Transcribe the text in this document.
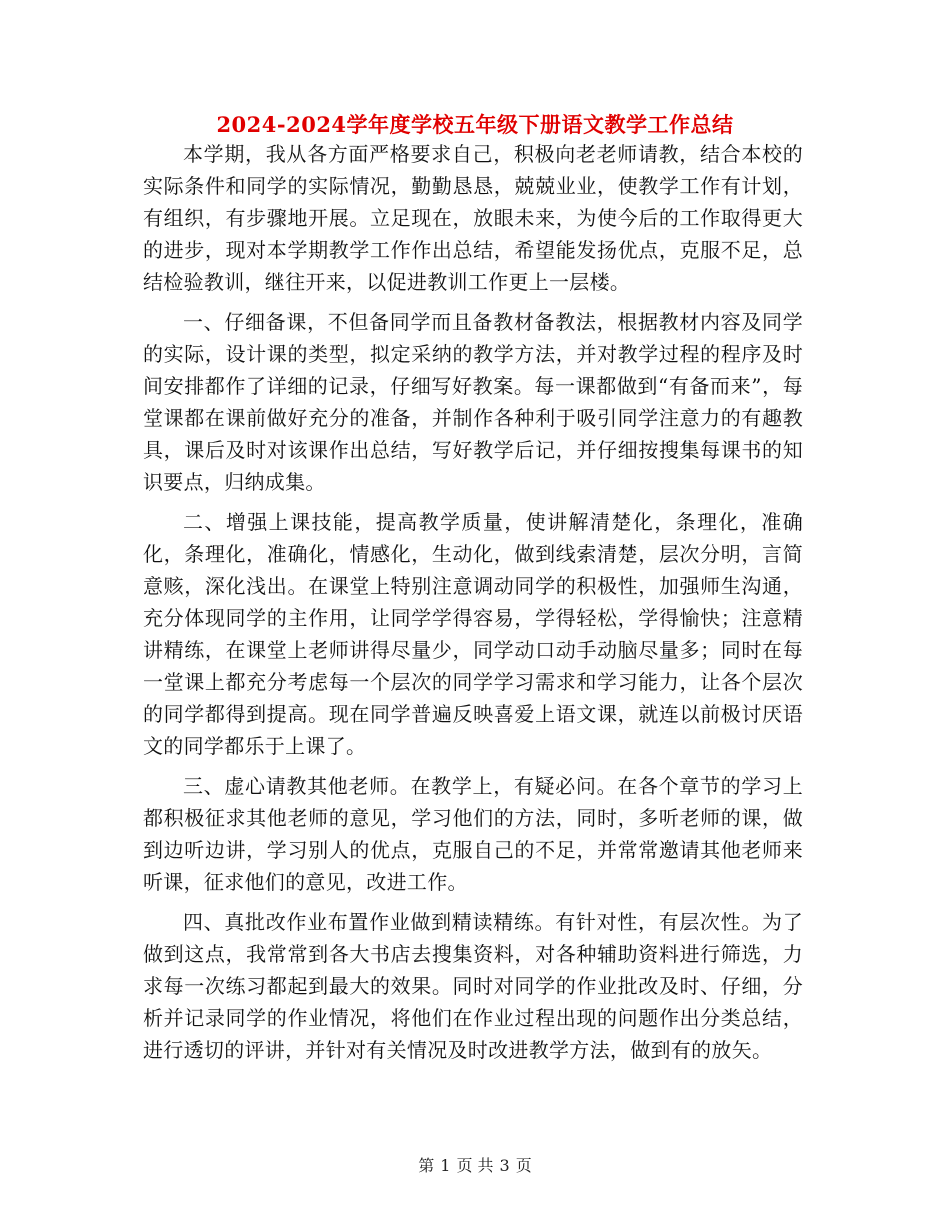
2024-2024学年度学校五年级下册语文教学工作总结

本学期，我从各方面严格要求自己，积极向老老师请教，结合本校的实际条件和同学的实际情况，勤勤恳恳，兢兢业业，使教学工作有计划，有组织，有步骤地开展。立足现在，放眼未来，为使今后的工作取得更大的进步，现对本学期教学工作作出总结，希望能发扬优点，克服不足，总结检验教训，继往开来，以促进教训工作更上一层楼。

一、仔细备课，不但备同学而且备教材备教法，根据教材内容及同学的实际，设计课的类型，拟定采纳的教学方法，并对教学过程的程序及时间安排都作了详细的记录，仔细写好教案。每一课都做到“有备而来”，每堂课都在课前做好充分的准备，并制作各种利于吸引同学注意力的有趣教具，课后及时对该课作出总结，写好教学后记，并仔细按搜集每课书的知识要点，归纳成集。

二、增强上课技能，提高教学质量，使讲解清楚化，条理化，准确化，条理化，准确化，情感化，生动化，做到线索清楚，层次分明，言简意赅，深化浅出。在课堂上特别注意调动同学的积极性，加强师生沟通，充分体现同学的主作用，让同学学得容易，学得轻松，学得愉快；注意精讲精练，在课堂上老师讲得尽量少，同学动口动手动脑尽量多；同时在每一堂课上都充分考虑每一个层次的同学学习需求和学习能力，让各个层次的同学都得到提高。现在同学普遍反映喜爱上语文课，就连以前极讨厌语文的同学都乐于上课了。

三、虚心请教其他老师。在教学上，有疑必问。在各个章节的学习上都积极征求其他老师的意见，学习他们的方法，同时，多听老师的课，做到边听边讲，学习别人的优点，克服自己的不足，并常常邀请其他老师来听课，征求他们的意见，改进工作。

四、真批改作业布置作业做到精读精练。有针对性，有层次性。为了做到这点，我常常到各大书店去搜集资料，对各种辅助资料进行筛选，力求每一次练习都起到最大的效果。同时对同学的作业批改及时、仔细，分析并记录同学的作业情况，将他们在作业过程出现的问题作出分类总结，进行透切的评讲，并针对有关情况及时改进教学方法，做到有的放矢。

第 1 页 共 3 页
